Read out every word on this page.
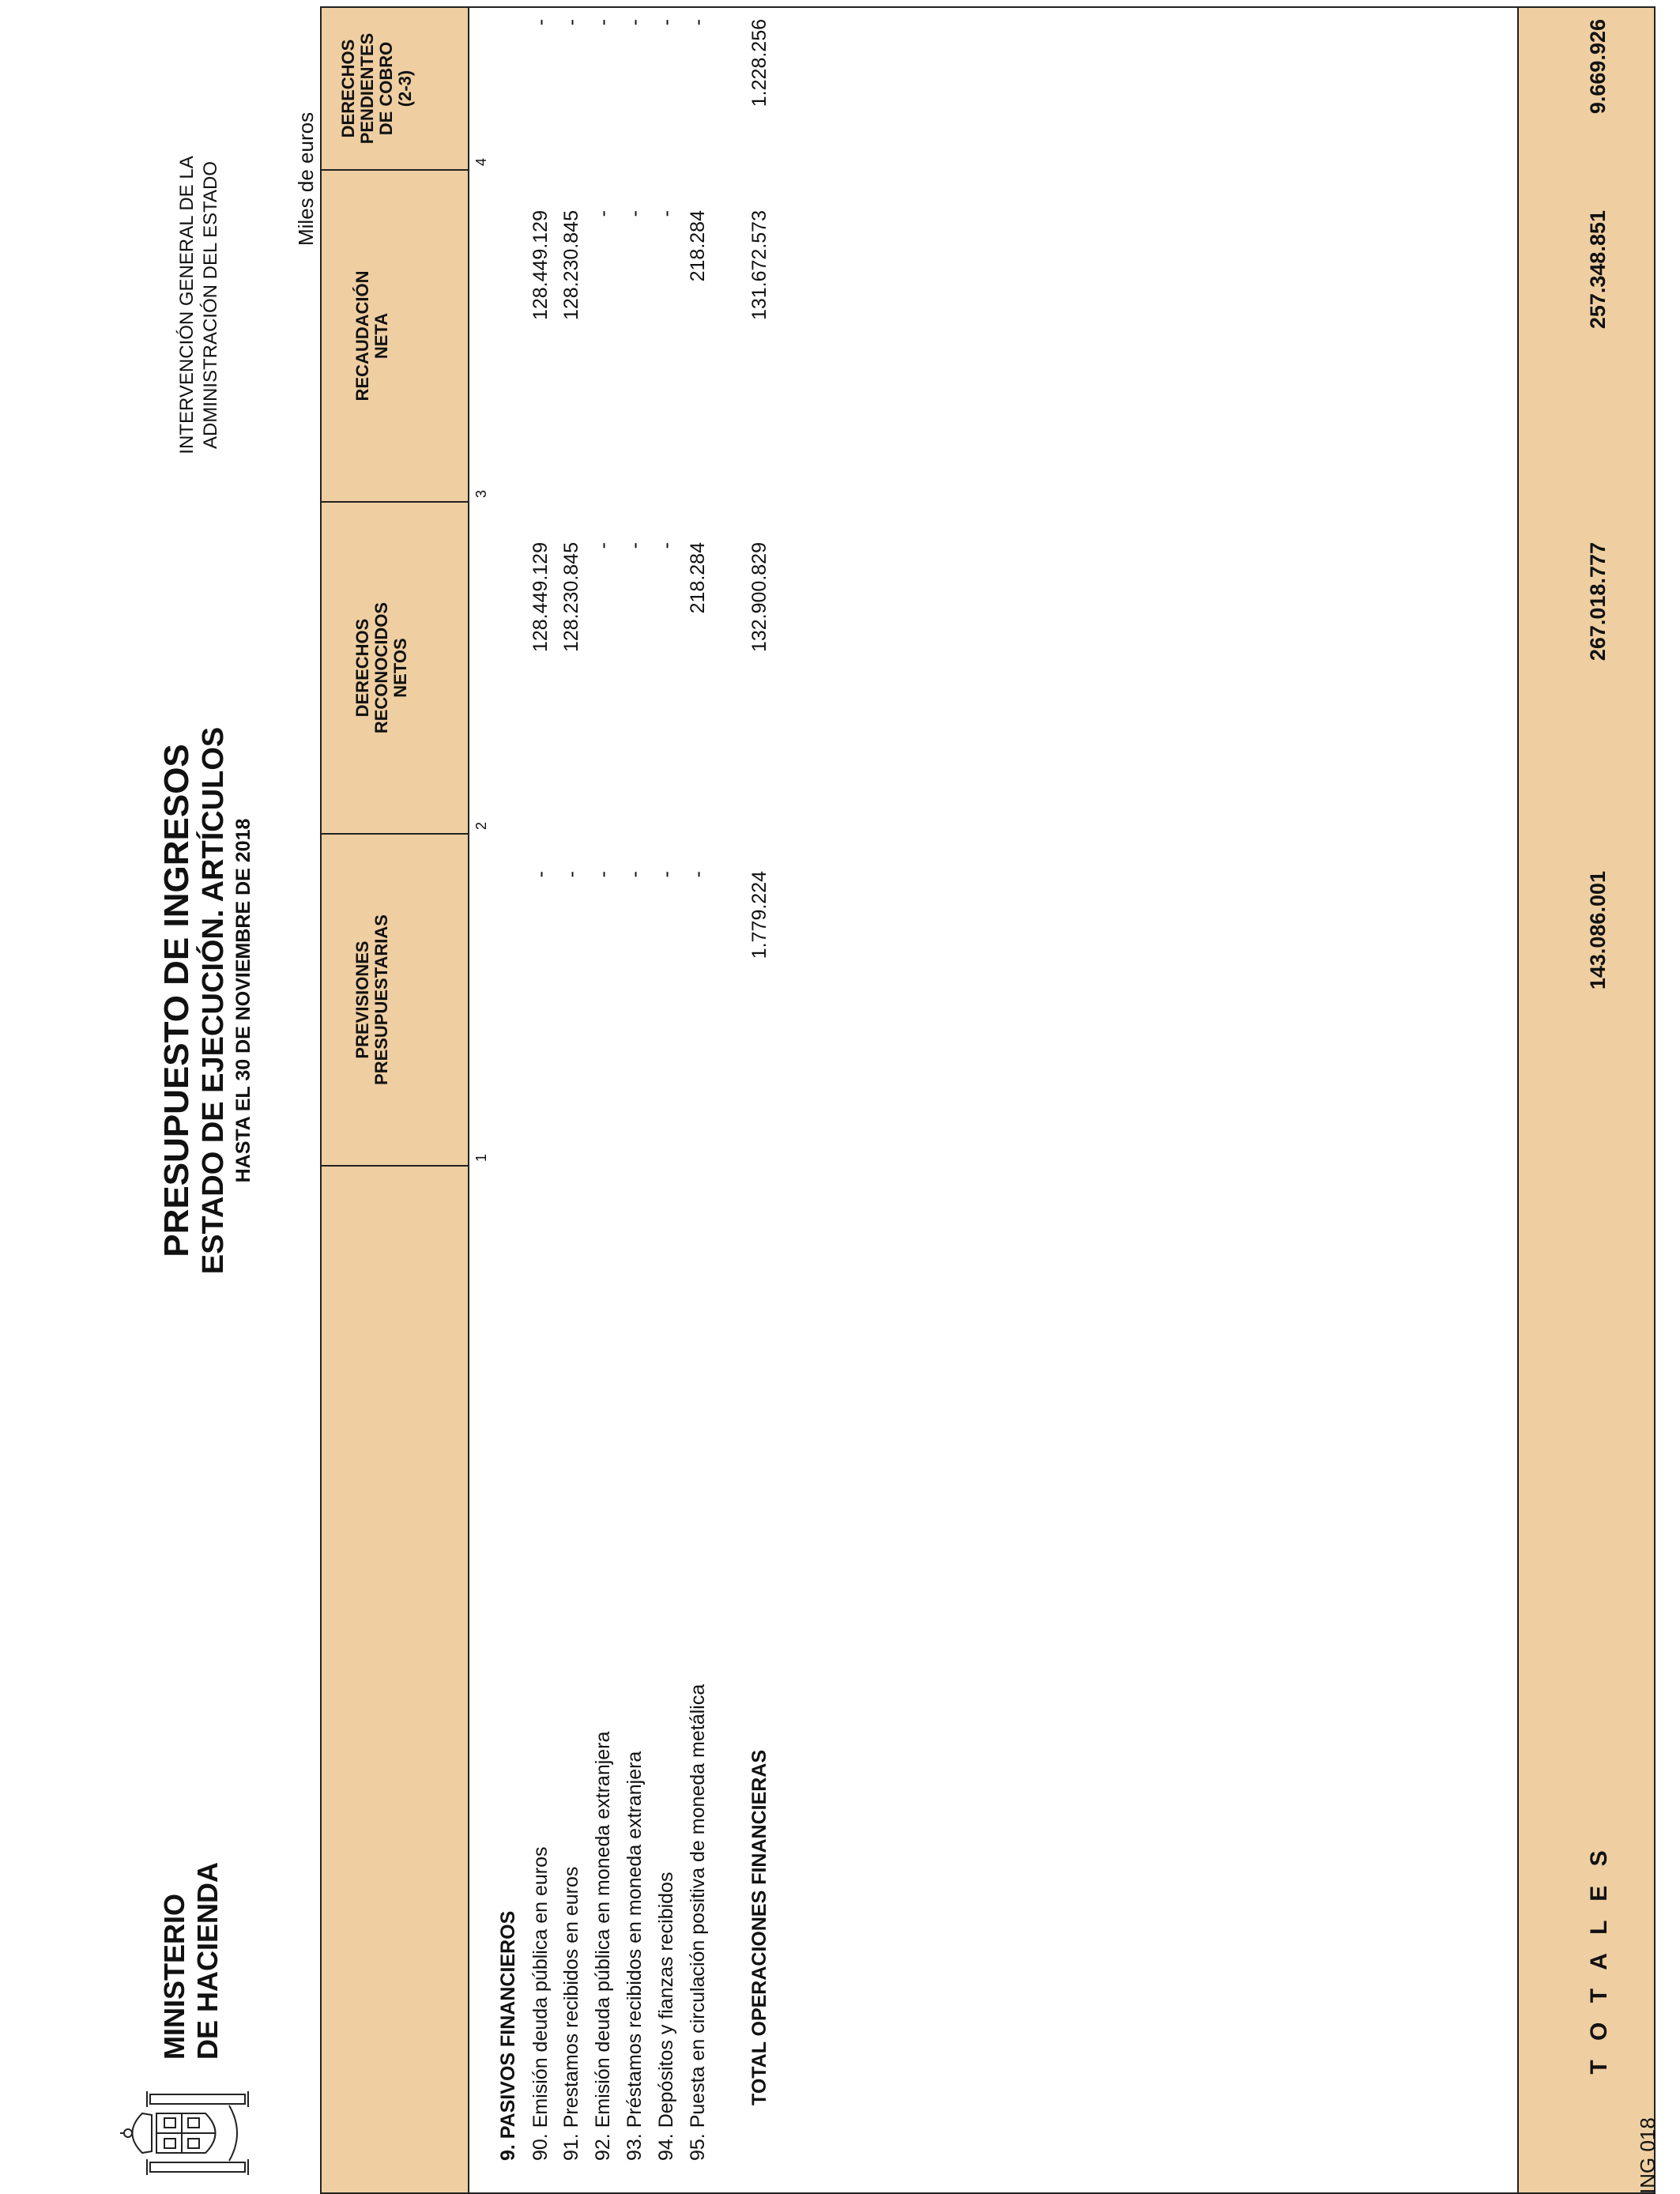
MINISTERIO DE HACIENDA
PRESUPUESTO DE INGRESOS ESTADO DE EJECUCIÓN. ARTÍCULOS HASTA EL 30 DE NOVIEMBRE DE 2018
INTERVENCIÓN GENERAL DE LA ADMINISTRACIÓN DEL ESTADO	Miles de euros
PREVISIONES PRESUPUESTARIAS
DERECHOS RECONOCIDOS NETOS
RECAUDACIÓN NETA
DERECHOS PENDIENTES DE COBRO (2-3)
1
2
3
4
9. PASIVOS FINANCIEROS 90. Emisión deuda pública en euros 91. Prestamos recibidos en euros 92. Emisión deuda pública en moneda extranjera 93. Préstamos recibidos en moneda extranjera 94. Depósitos y fianzas recibidos 95. Puesta en circulación positiva de moneda metálica TOTAL OPERACIONES FINANCIERAS
- - - - - - 1.779.224
128.449.129 128.230.845 - - - 218.284 132.900.829
128.449.129 128.230.845 - - - 218.284 131.672.573
- - - - - - 1.228.256
T O T A L E S
143.086.001
267.018.777
257.348.851
9.669.926
ING 018
